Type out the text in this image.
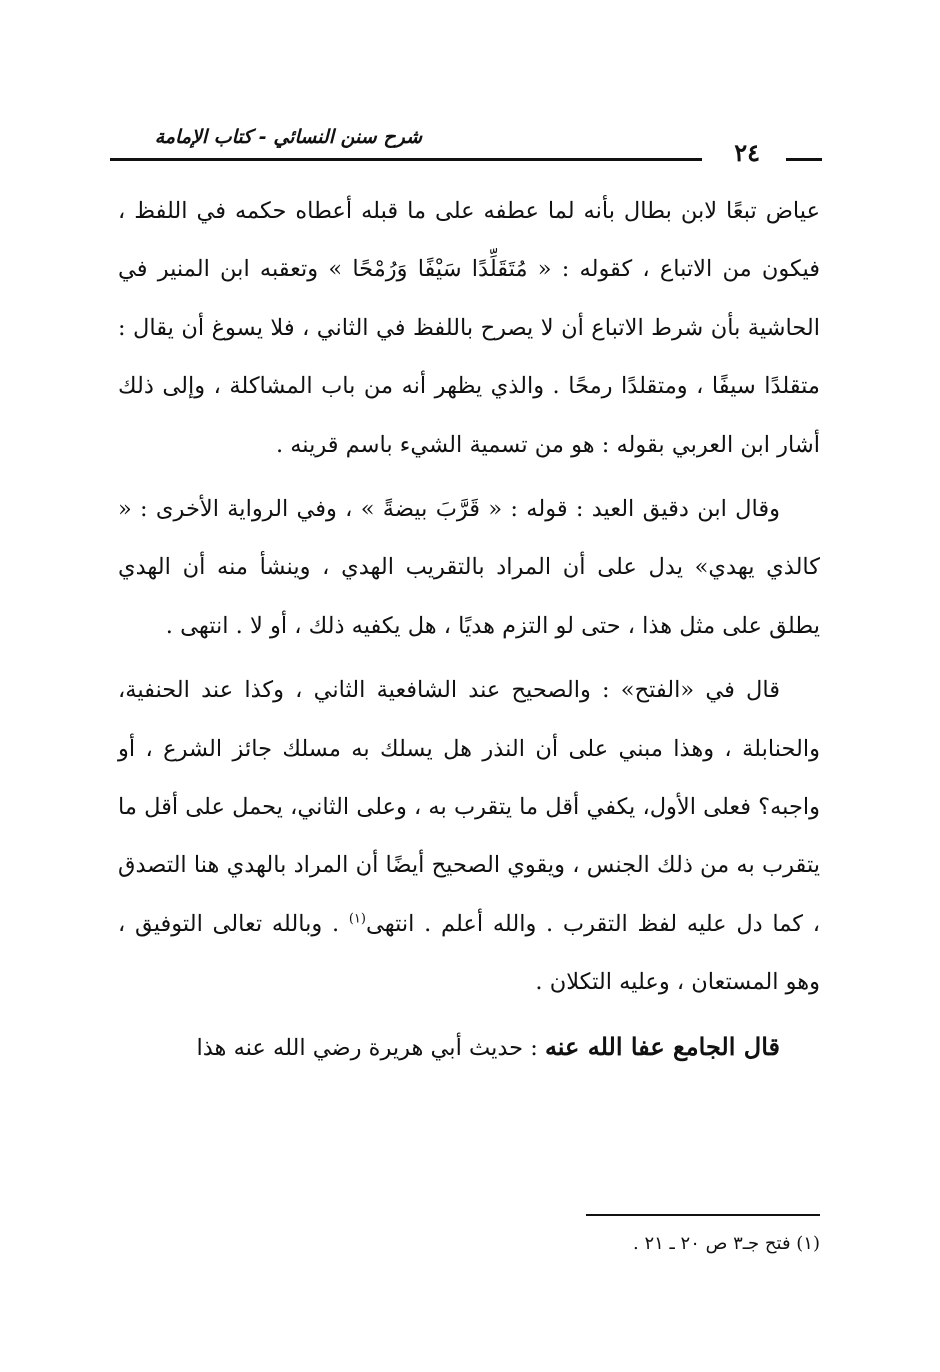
شرح سنن النسائي - كتاب الإمامة
٢٤

عياض تبعًا لابن بطال بأنه لما عطفه على ما قبله أعطاه حكمه في اللفظ ، فيكون من الاتباع ، كقوله : « مُتَقَلِّدًا سَيْفًا وَرُمْحًا » وتعقبه ابن المنير في الحاشية بأن شرط الاتباع أن لا يصرح باللفظ في الثاني ، فلا يسوغ أن يقال : متقلدًا سيفًا ، ومتقلدًا رمحًا . والذي يظهر أنه من باب المشاكلة ، وإلى ذلك أشار ابن العربي بقوله : هو من تسمية الشيء باسم قرينه .

وقال ابن دقيق العيد : قوله : « قَرَّبَ بيضةً » ، وفي الرواية الأخرى : « كالذي يهدي» يدل على أن المراد بالتقريب الهدي ، وينشأ منه أن الهدي يطلق على مثل هذا ، حتى لو التزم هديًا ، هل يكفيه ذلك ، أو لا . انتهى .

قال في «الفتح» : والصحيح عند الشافعية الثاني ، وكذا عند الحنفية، والحنابلة ، وهذا مبني على أن النذر هل يسلك به مسلك جائز الشرع ، أو واجبه؟ فعلى الأول، يكفي أقل ما يتقرب به ، وعلى الثاني، يحمل على أقل ما يتقرب به من ذلك الجنس ، ويقوي الصحيح أيضًا أن المراد بالهدي هنا التصدق ، كما دل عليه لفظ التقرب . والله أعلم . انتهى$^{(١)}$ . وبالله تعالى التوفيق ، وهو المستعان ، وعليه التكلان .

قال الجامع عفا الله عنه : حديث أبي هريرة رضي الله عنه هذا

(١) فتح جـ٣ ص ٢٠ ـ ٢١ .
